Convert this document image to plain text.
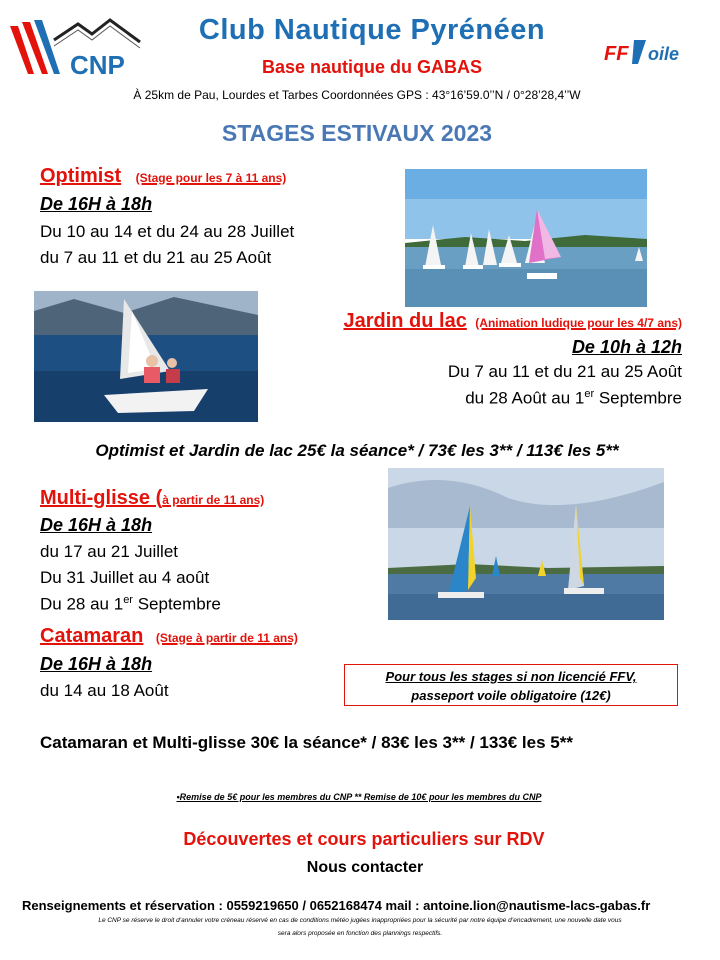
CNP
Club Nautique Pyrénéen
Base nautique du GABAS
À 25km de Pau, Lourdes et Tarbes Coordonnées GPS : 43°16’59.0’’N / 0°28’28,4’’W
FF oile
STAGES ESTIVAUX 2023
Optimist (Stage pour les 7 à 11 ans)
De 16H à 18h
Du 10 au 14 et du 24 au 28 Juillet
du 7 au 11 et du 21 au 25 Août
Jardin du lac (Animation ludique pour les 4/7 ans)
De 10h à 12h
Du 7 au 11 et du 21 au 25 Août
du 28 Août au 1er Septembre
Optimist et Jardin de lac 25€ la séance* / 73€ les 3** / 113€ les 5**
Multi-glisse (à partir de 11 ans)
De 16H à 18h
du 17 au 21 Juillet
Du 31 Juillet au 4 août
Du 28 au 1er Septembre
Catamaran (Stage à partir de 11 ans)
De 16H à 18h
du 14 au 18 Août
Pour tous les stages si non licencié FFV,
passeport voile obligatoire (12€)
Catamaran et Multi-glisse 30€ la séance* / 83€ les 3** / 133€ les 5**
•Remise de 5€ pour les membres du CNP ** Remise de 10€ pour les membres du CNP
Découvertes et cours particuliers sur RDV
Nous contacter
Renseignements et réservation : 0559219650 / 0652168474 mail : antoine.lion@nautisme-lacs-gabas.fr
Le CNP se réserve le droit d’annuler votre créneau réservé en cas de conditions météo jugées inappropriées pour la sécurité par notre équipe d’encadrement, une nouvelle date vous
sera alors proposée en fonction des plannings respectifs.
